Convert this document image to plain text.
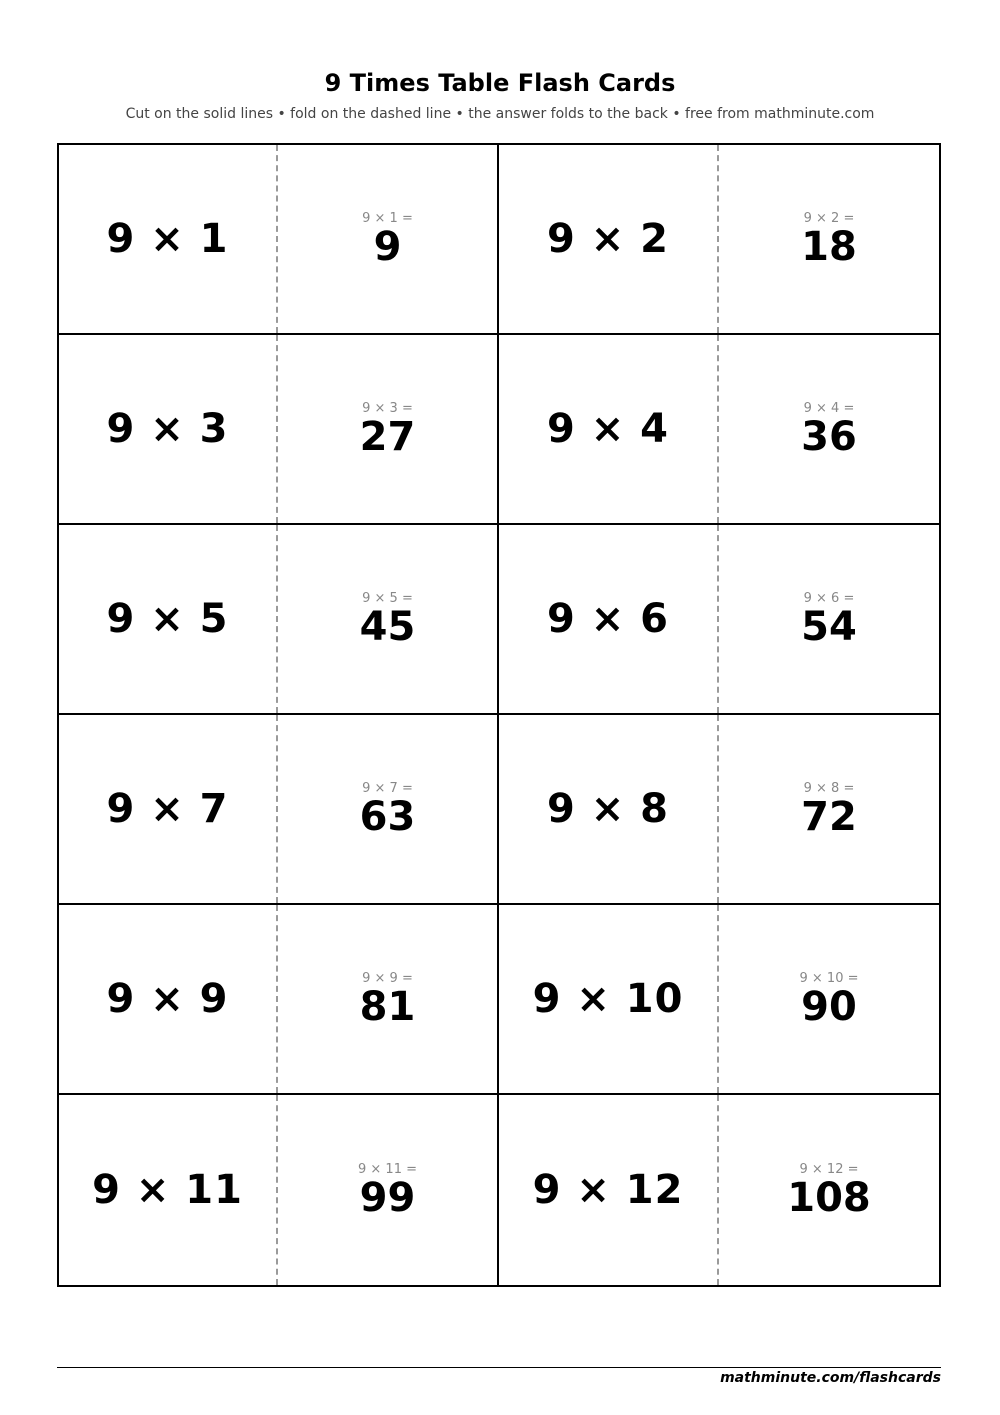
9 Times Table Flash Cards

Cut on the solid lines • fold on the dashed line • the answer folds to the back • free from mathminute.com

9 × 1	9 × 1 =
9	9 × 2	9 × 2 =
18
9 × 3	9 × 3 =
27	9 × 4	9 × 4 =
36
9 × 5	9 × 5 =
45	9 × 6	9 × 6 =
54
9 × 7	9 × 7 =
63	9 × 8	9 × 8 =
72
9 × 9	9 × 9 =
81	9 × 10	9 × 10 =
90
9 × 11	9 × 11 =
99	9 × 12	9 × 12 =
108
mathminute.com/flashcards
